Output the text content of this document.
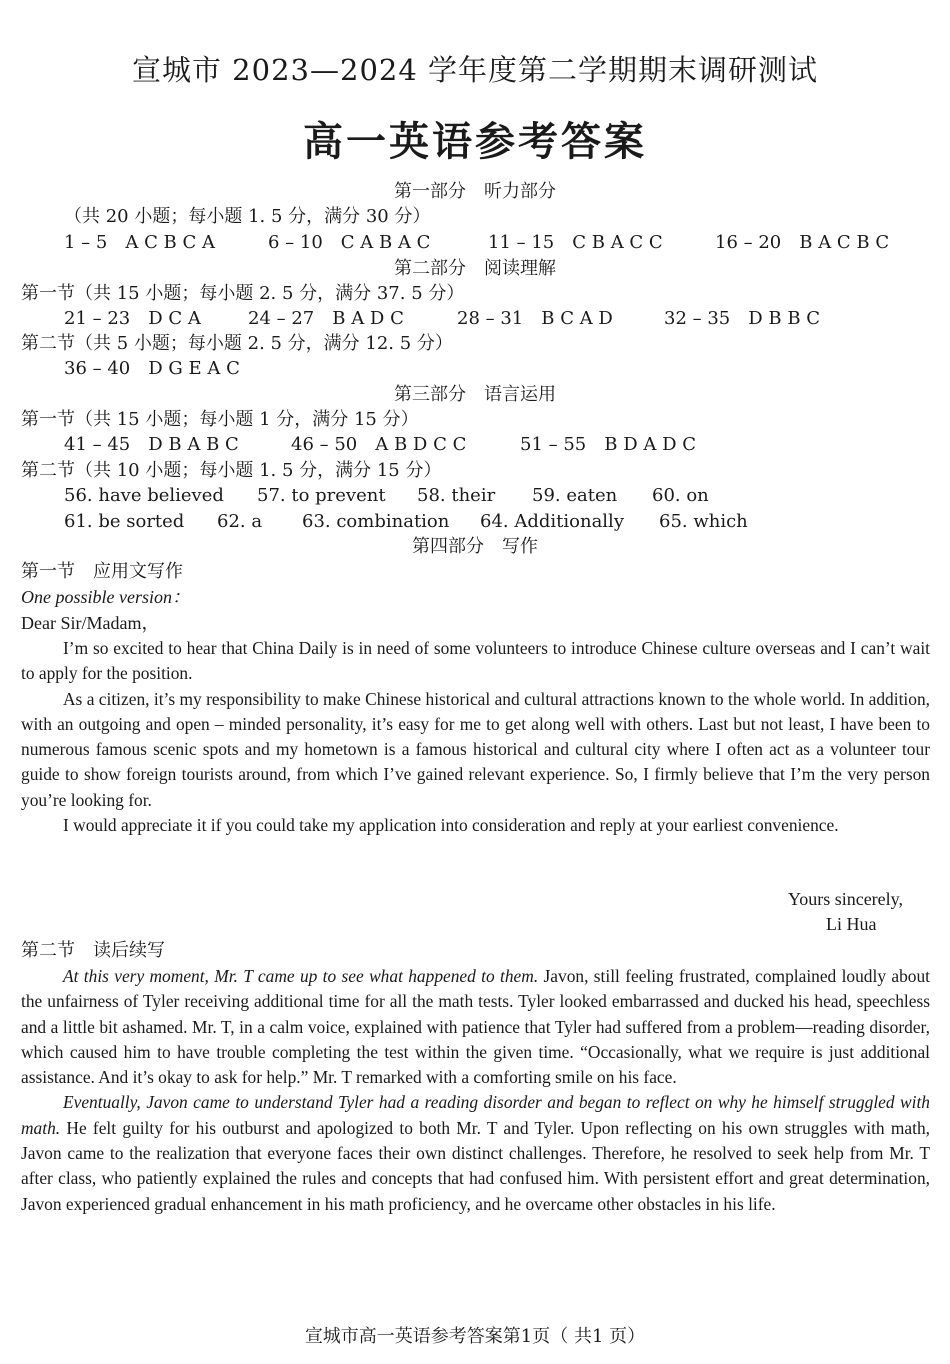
宣城市 2023—2024 学年度第二学期期末调研测试
高一英语参考答案
第一部分　听力部分
（共 20 小题；每小题 1. 5 分，满分 30 分）
1 – 5　A C B C A	6 – 10　C A B A C	11 – 15　C B A C C	16 – 20　B A C B C
第二部分　阅读理解
第一节（共 15 小题；每小题 2. 5 分，满分 37. 5 分）
21 – 23　D C A	24 – 27　B A D C	28 – 31　B C A D	32 – 35　D B B C
第二节（共 5 小题；每小题 2. 5 分，满分 12. 5 分）
36 – 40　D G E A C
第三部分　语言运用
第一节（共 15 小题；每小题 1 分，满分 15 分）
41 – 45　D B A B C	46 – 50　A B D C C	51 – 55　B D A D C
第二节（共 10 小题；每小题 1. 5 分，满分 15 分）
56. have believed 57. to prevent 58. their 59. eaten 60. on
61. be sorted 62. a 63. combination 64. Additionally 65. which
第四部分　写作
第一节　应用文写作
One possible version：
Dear Sir/Madam，
I’m so excited to hear that China Daily is in need of some volunteers to introduce Chinese culture overseas and I can’t wait to apply for the position.
As a citizen, it’s my responsibility to make Chinese historical and cultural attractions known to the whole world. In addition, with an outgoing and open – minded personality, it’s easy for me to get along well with others. Last but not least, I have been to numerous famous scenic spots and my hometown is a famous historical and cultural city where I often act as a volunteer tour guide to show foreign tourists around, from which I’ve gained relevant experience. So, I firmly believe that I’m the very person you’re looking for.
I would appreciate it if you could take my application into consideration and reply at your earliest convenience.
Yours sincerely,
Li Hua
第二节　读后续写
At this very moment, Mr. T came up to see what happened to them. Javon, still feeling frustrated, complained loudly about the unfairness of Tyler receiving additional time for all the math tests. Tyler looked embarrassed and ducked his head, speechless and a little bit ashamed. Mr. T, in a calm voice, explained with patience that Tyler had suffered from a problem—reading disorder, which caused him to have trouble completing the test within the given time. “Occasionally, what we require is just additional assistance. And it’s okay to ask for help.” Mr. T remarked with a comforting smile on his face.
Eventually, Javon came to understand Tyler had a reading disorder and began to reflect on why he himself struggled with math. He felt guilty for his outburst and apologized to both Mr. T and Tyler. Upon reflecting on his own struggles with math, Javon came to the realization that everyone faces their own distinct challenges. Therefore, he resolved to seek help from Mr. T after class, who patiently explained the rules and concepts that had confused him. With persistent effort and great determination, Javon experienced gradual enhancement in his math proficiency, and he overcame other obstacles in his life.
宣城市高一英语参考答案第1页（ 共1 页）
